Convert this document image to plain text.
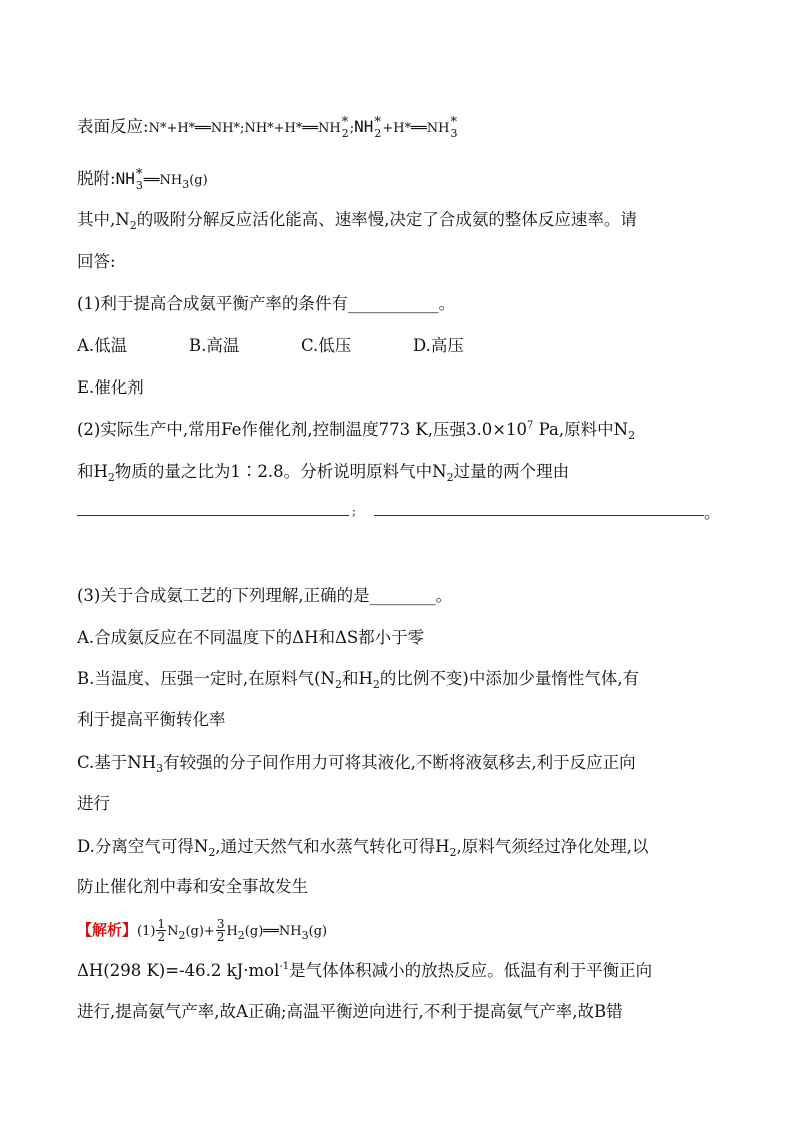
表面反应:N*+H*══NH*;NH*+H*══NH *
2 ;NH *
2 +H*══NH *
3
脱附:NH *
3 $══NH_3(g)$
其中$,N_2$的吸附分解反应活化能高、速率慢,决定了合成氨的整体反应速率。请
回答:
(1)利于提高合成氨平衡产率的条件有___________。
A.低温	B.高温	C.低压	D.高压
E.催化剂
(2)实际生产中,常用Fe作催化剂,控制温度773 K,压强$3.0\times 10^7$ Pa,原料中$N_2$
和$H_2$物质的量之比为1∶2.8。分析说明原料气中$N_2$过量的两个理由
;	。
(3)关于合成氨工艺的下列理解,正确的是________。
A.合成氨反应在不同温度下的ΔH和ΔS都小于零
B.当温度、压强一定时,在原料气($N_2$和$H_2$的比例不变)中添加少量惰性气体,有
利于提高平衡转化率
C.基于$NH_3$有较强的分子间作用力可将其液化,不断将液氨移去,利于反应正向
进行
D.分离空气可得$N_2$,通过天然气和水蒸气转化可得$H_2$,原料气须经过净化处理,以
防止催化剂中毒和安全事故发生
【解析】$(1) \frac{1}{2} N_2(g)+ \frac{3}{2}$ $H_2(g)══NH_3(g)$
ΔH(298 K)=-46.2 kJ·mol$^{-1}$是气体体积减小的放热反应。低温有利于平衡正向
进行,提高氨气产率,故A正确;高温平衡逆向进行,不利于提高氨气产率,故B错
